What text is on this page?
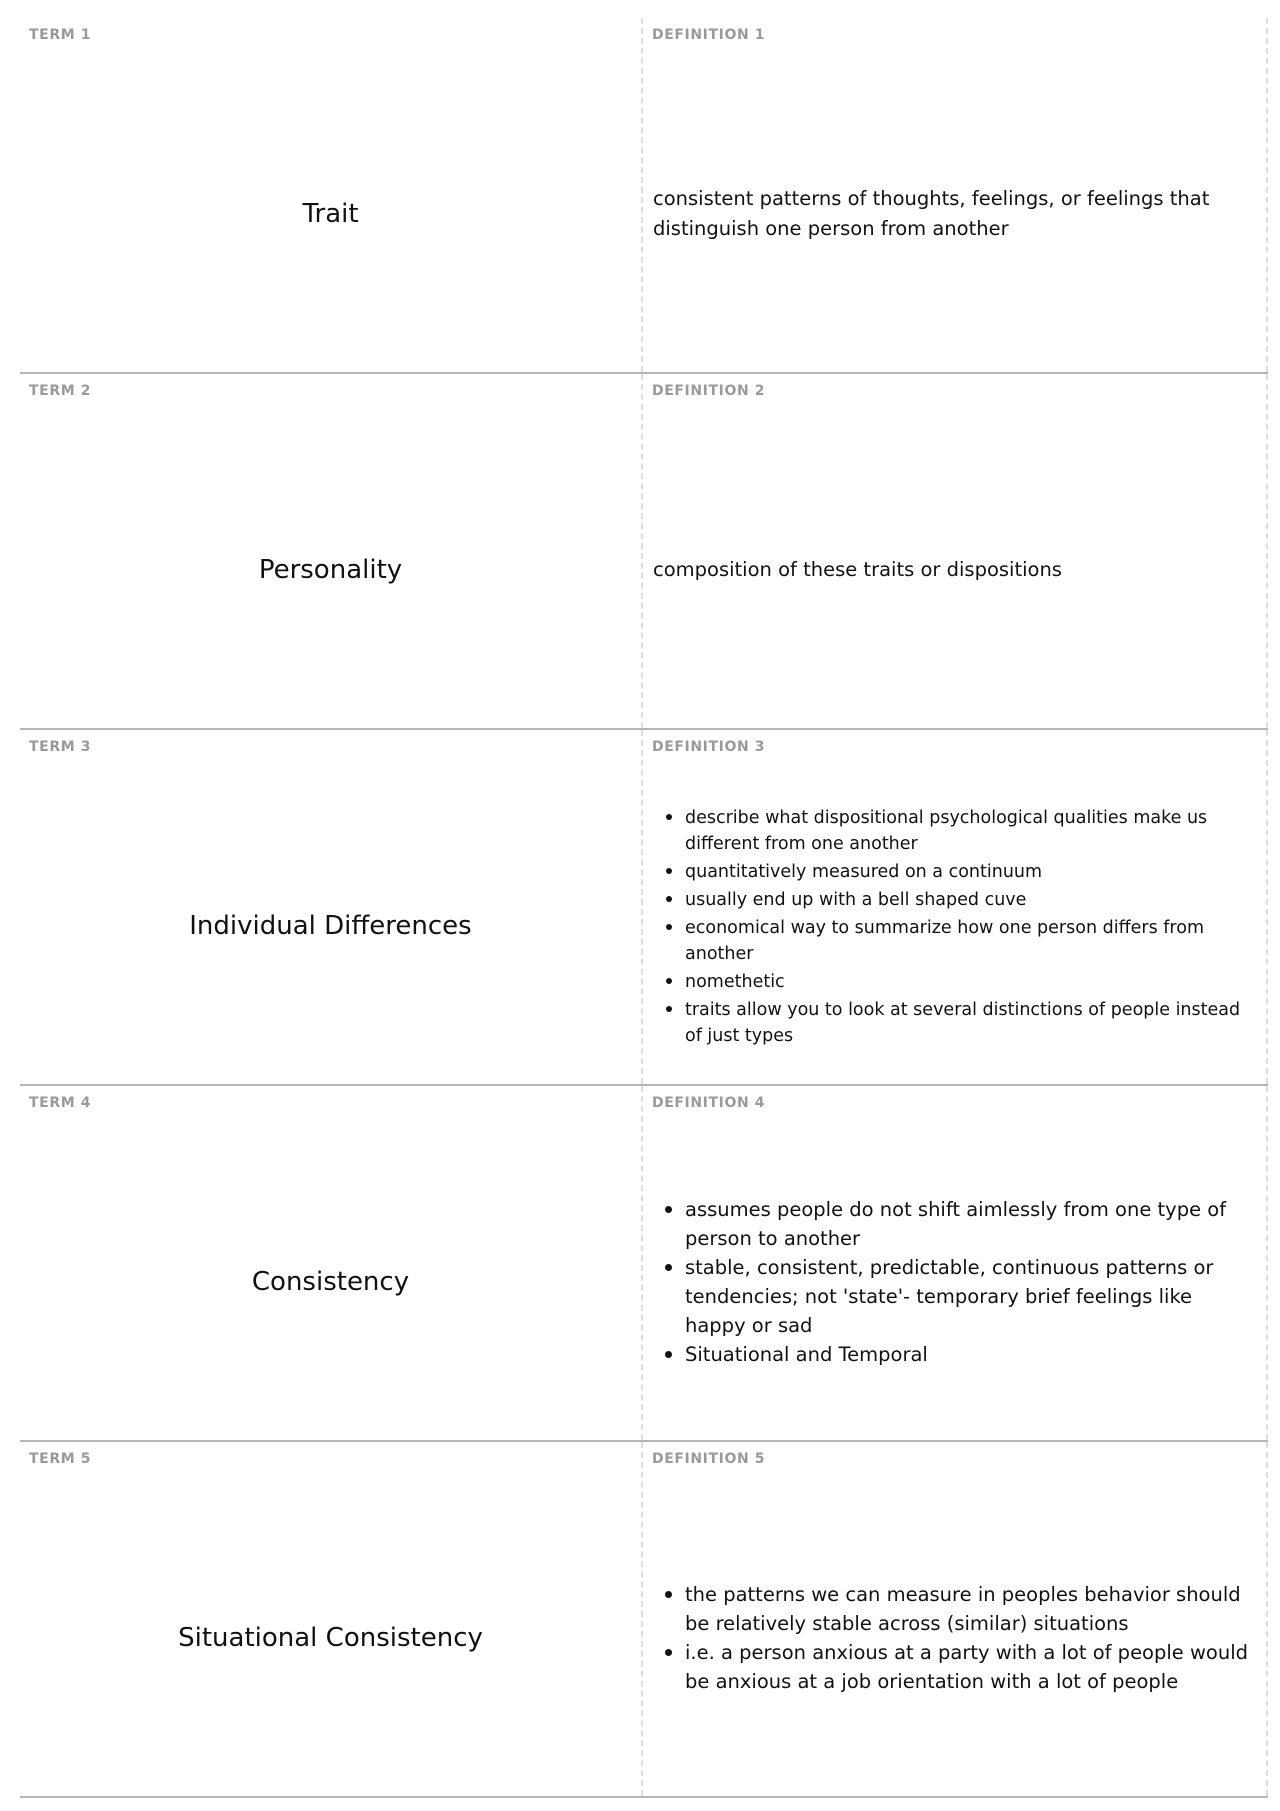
TERM 1
Trait
DEFINITION 1

consistent patterns of thoughts, feelings, or feelings that distinguish one person from another

TERM 2
Personality
DEFINITION 2

composition of these traits or dispositions

TERM 3
Individual Differences
DEFINITION 3
• describe what dispositional psychological qualities make us different from one another
• quantitatively measured on a continuum
• usually end up with a bell shaped cuve
• economical way to summarize how one person differs from another
• nomethetic
• traits allow you to look at several distinctions of people instead of just types
TERM 4
Consistency
DEFINITION 4
• assumes people do not shift aimlessly from one type of person to another
• stable, consistent, predictable, continuous patterns or tendencies; not 'state'- temporary brief feelings like happy or sad
• Situational and Temporal
TERM 5
Situational Consistency
DEFINITION 5
• the patterns we can measure in peoples behavior should be relatively stable across (similar) situations
• i.e. a person anxious at a party with a lot of people would be anxious at a job orientation with a lot of people
